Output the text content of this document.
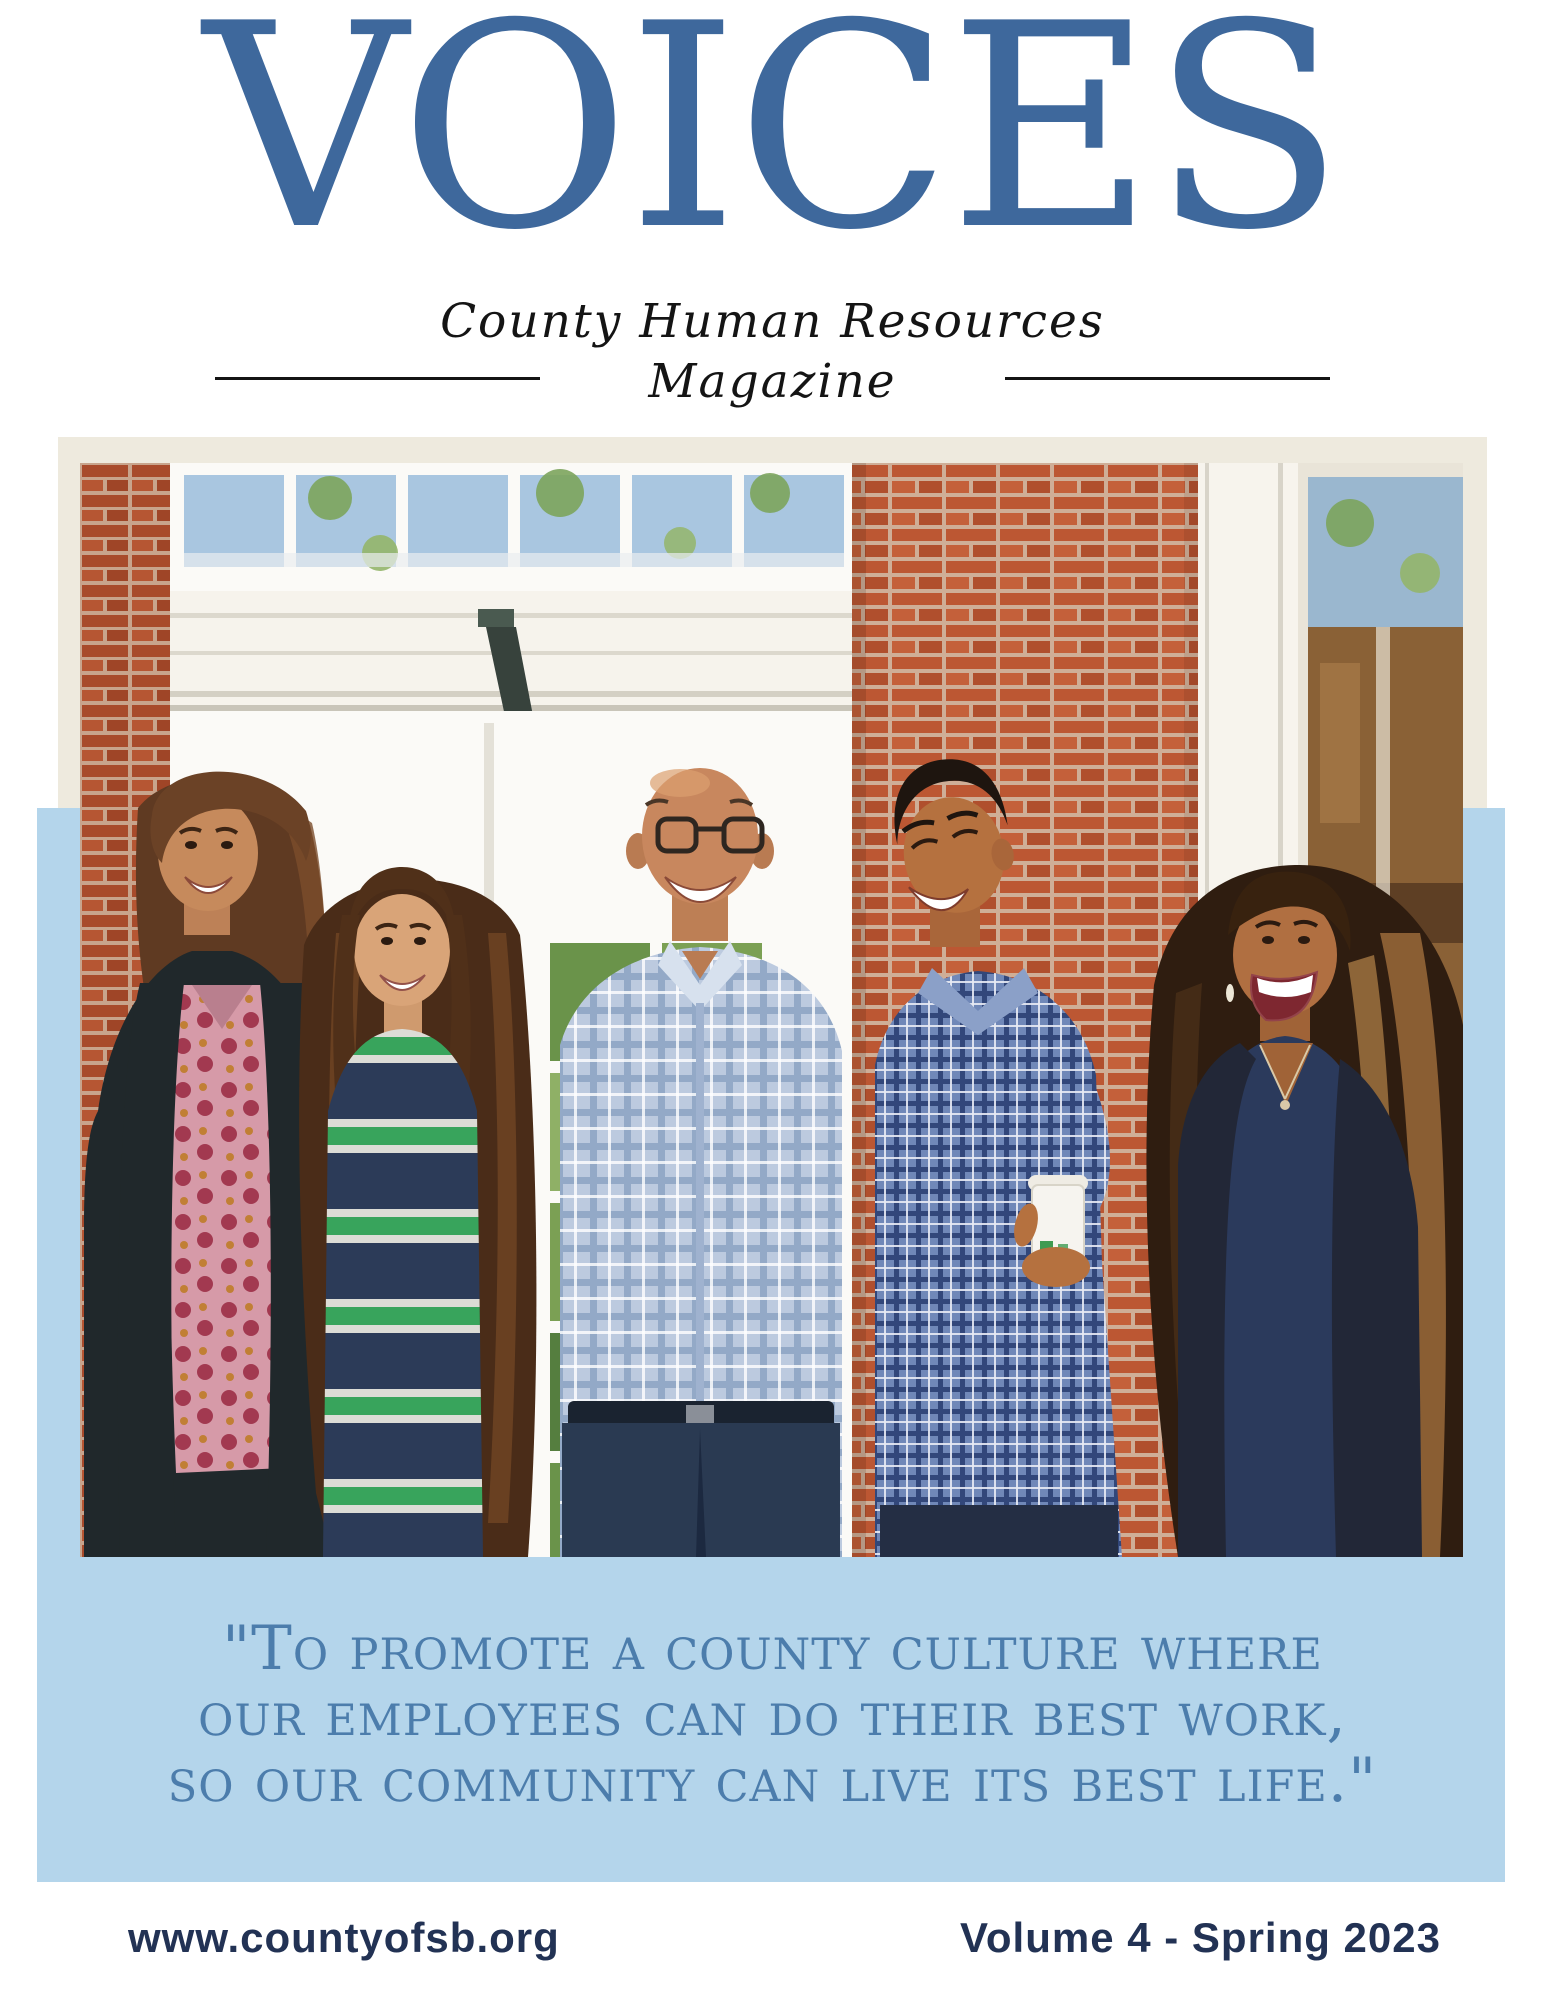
VOICES
County Human Resources
Magazine
"To promote a county culture where
our employees can do their best work,
so our community can live its best life."
www.countyofsb.org	Volume 4 - Spring 2023
